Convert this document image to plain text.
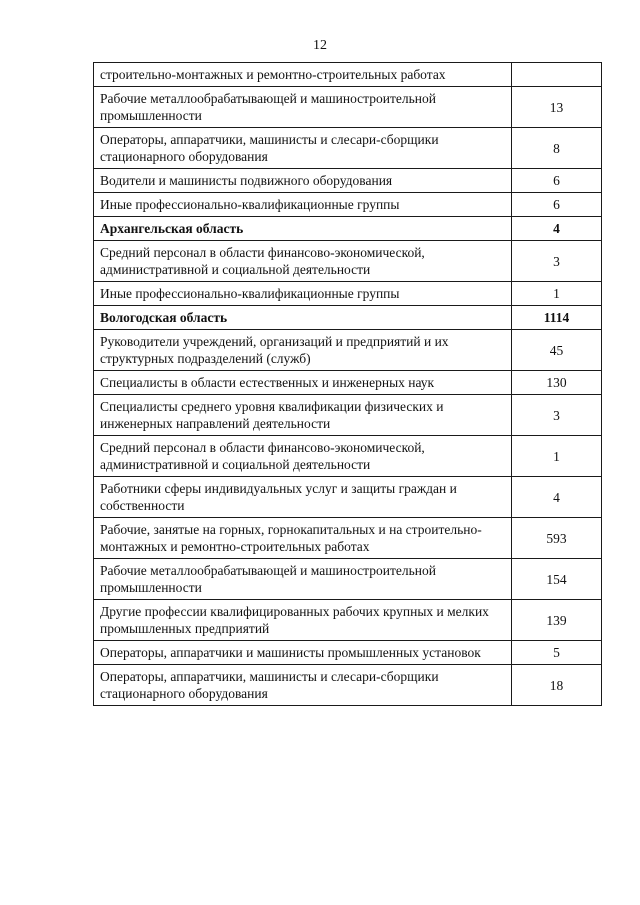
12
строительно-монтажных и ремонтно-строительных работах	
Рабочие металлообрабатывающей и машиностроительной промышленности	13
Операторы, аппаратчики, машинисты и слесари-сборщики стационарного оборудования	8
Водители и машинисты подвижного оборудования	6
Иные профессионально-квалификационные группы	6
Архангельская область	4
Средний персонал в области финансово-экономической, административной и социальной деятельности	3
Иные профессионально-квалификационные группы	1
Вологодская область	1114
Руководители учреждений, организаций и предприятий и их структурных подразделений (служб)	45
Специалисты в области естественных и инженерных наук	130
Специалисты среднего уровня квалификации физических и инженерных направлений деятельности	3
Средний персонал в области финансово-экономической, административной и социальной деятельности	1
Работники сферы индивидуальных услуг и защиты граждан и собственности	4
Рабочие, занятые на горных, горнокапитальных и на строительно-монтажных и ремонтно-строительных работах	593
Рабочие металлообрабатывающей и машиностроительной промышленности	154
Другие профессии квалифицированных рабочих крупных и мелких промышленных предприятий	139
Операторы, аппаратчики и машинисты промышленных установок	5
Операторы, аппаратчики, машинисты и слесари-сборщики стационарного оборудования	18
